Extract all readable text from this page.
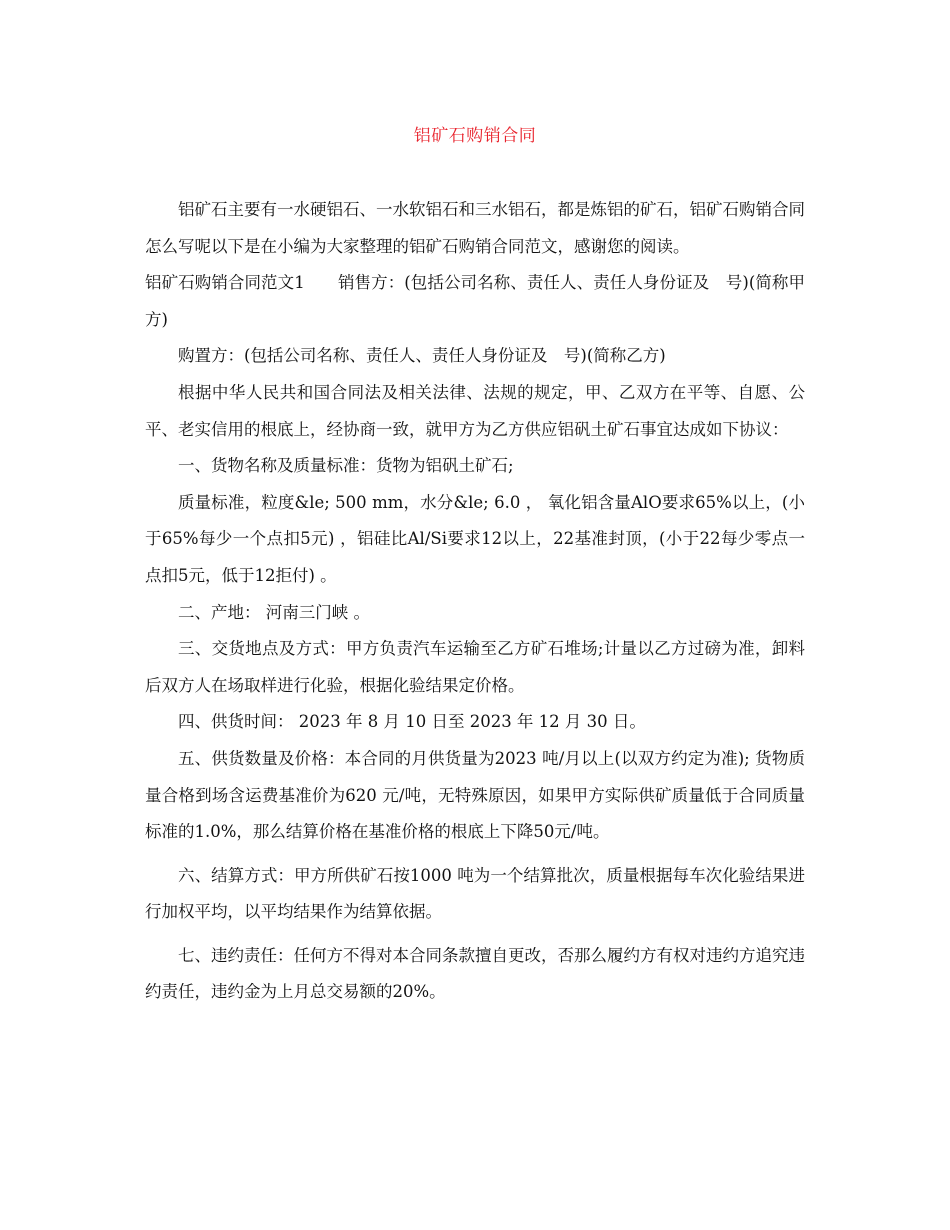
铝矿石购销合同

铝矿石主要有一水硬铝石、一水软铝石和三水铝石，都是炼铝的矿石，铝矿石购销合同怎么写呢以下是在小编为大家整理的铝矿石购销合同范文，感谢您的阅读。

铝矿石购销合同范文1　　销售方：(包括公司名称、责任人、责任人身份证及　号)(简称甲方)

购置方：(包括公司名称、责任人、责任人身份证及　号)(简称乙方)

根据中华人民共和国合同法及相关法律、法规的规定，甲、乙双方在平等、自愿、公平、老实信用的根底上，经协商一致，就甲方为乙方供应铝矾土矿石事宜达成如下协议：

一、货物名称及质量标准：货物为铝矾土矿石;

质量标准，粒度&le; 500 mm，水分&le; 6.0 ， 氧化铝含量AlO要求65%以上，(小于65%每少一个点扣5元) ，铝硅比Al/Si要求12以上，22基准封顶，(小于22每少零点一点扣5元，低于12拒付) 。

二、产地： 河南三门峡 。

三、交货地点及方式：甲方负责汽车运输至乙方矿石堆场;计量以乙方过磅为准，卸料后双方人在场取样进行化验，根据化验结果定价格。

四、供货时间： 2023 年 8 月 10 日至 2023 年 12 月 30 日。

五、供货数量及价格：本合同的月供货量为2023 吨/月以上(以双方约定为准); 货物质量合格到场含运费基准价为620 元/吨，无特殊原因，如果甲方实际供矿质量低于合同质量标准的1.0%，那么结算价格在基准价格的根底上下降50元/吨。

六、结算方式：甲方所供矿石按1000 吨为一个结算批次，质量根据每车次化验结果进行加权平均，以平均结果作为结算依据。

七、违约责任：任何方不得对本合同条款擅自更改，否那么履约方有权对违约方追究违约责任，违约金为上月总交易额的20%。
